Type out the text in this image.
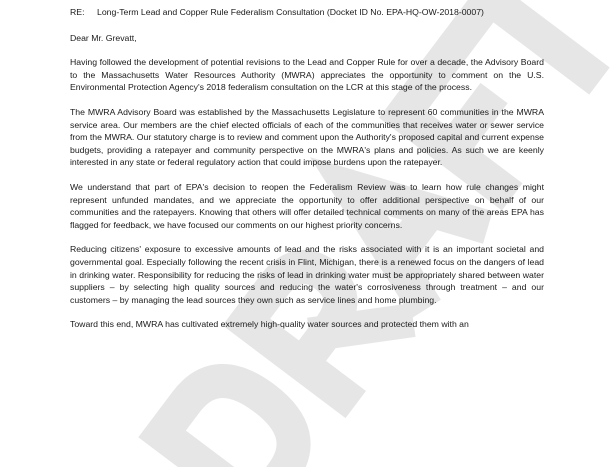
RE:	Long-Term Lead and Copper Rule Federalism Consultation (Docket ID No. EPA-HQ-OW-2018-0007)

Dear Mr. Grevatt,

Having followed the development of potential revisions to the Lead and Copper Rule for over a decade, the Advisory Board to the Massachusetts Water Resources Authority (MWRA) appreciates the opportunity to comment on the U.S. Environmental Protection Agency's 2018 federalism consultation on the LCR at this stage of the process.

The MWRA Advisory Board was established by the Massachusetts Legislature to represent 60 communities in the MWRA service area. Our members are the chief elected officials of each of the communities that receives water or sewer service from the MWRA. Our statutory charge is to review and comment upon the Authority's proposed capital and current expense budgets, providing a ratepayer and community perspective on the MWRA's plans and policies. As such we are keenly interested in any state or federal regulatory action that could impose burdens upon the ratepayer.

We understand that part of EPA's decision to reopen the Federalism Review was to learn how rule changes might represent unfunded mandates, and we appreciate the opportunity to offer additional perspective on behalf of our communities and the ratepayers. Knowing that others will offer detailed technical comments on many of the areas EPA has flagged for feedback, we have focused our comments on our highest priority concerns.

Reducing citizens' exposure to excessive amounts of lead and the risks associated with it is an important societal and governmental goal. Especially following the recent crisis in Flint, Michigan, there is a renewed focus on the dangers of lead in drinking water. Responsibility for reducing the risks of lead in drinking water must be appropriately shared between water suppliers – by selecting high quality sources and reducing the water's corrosiveness through treatment – and our customers – by managing the lead sources they own such as service lines and home plumbing.

Toward this end, MWRA has cultivated extremely high-quality water sources and protected them with an
